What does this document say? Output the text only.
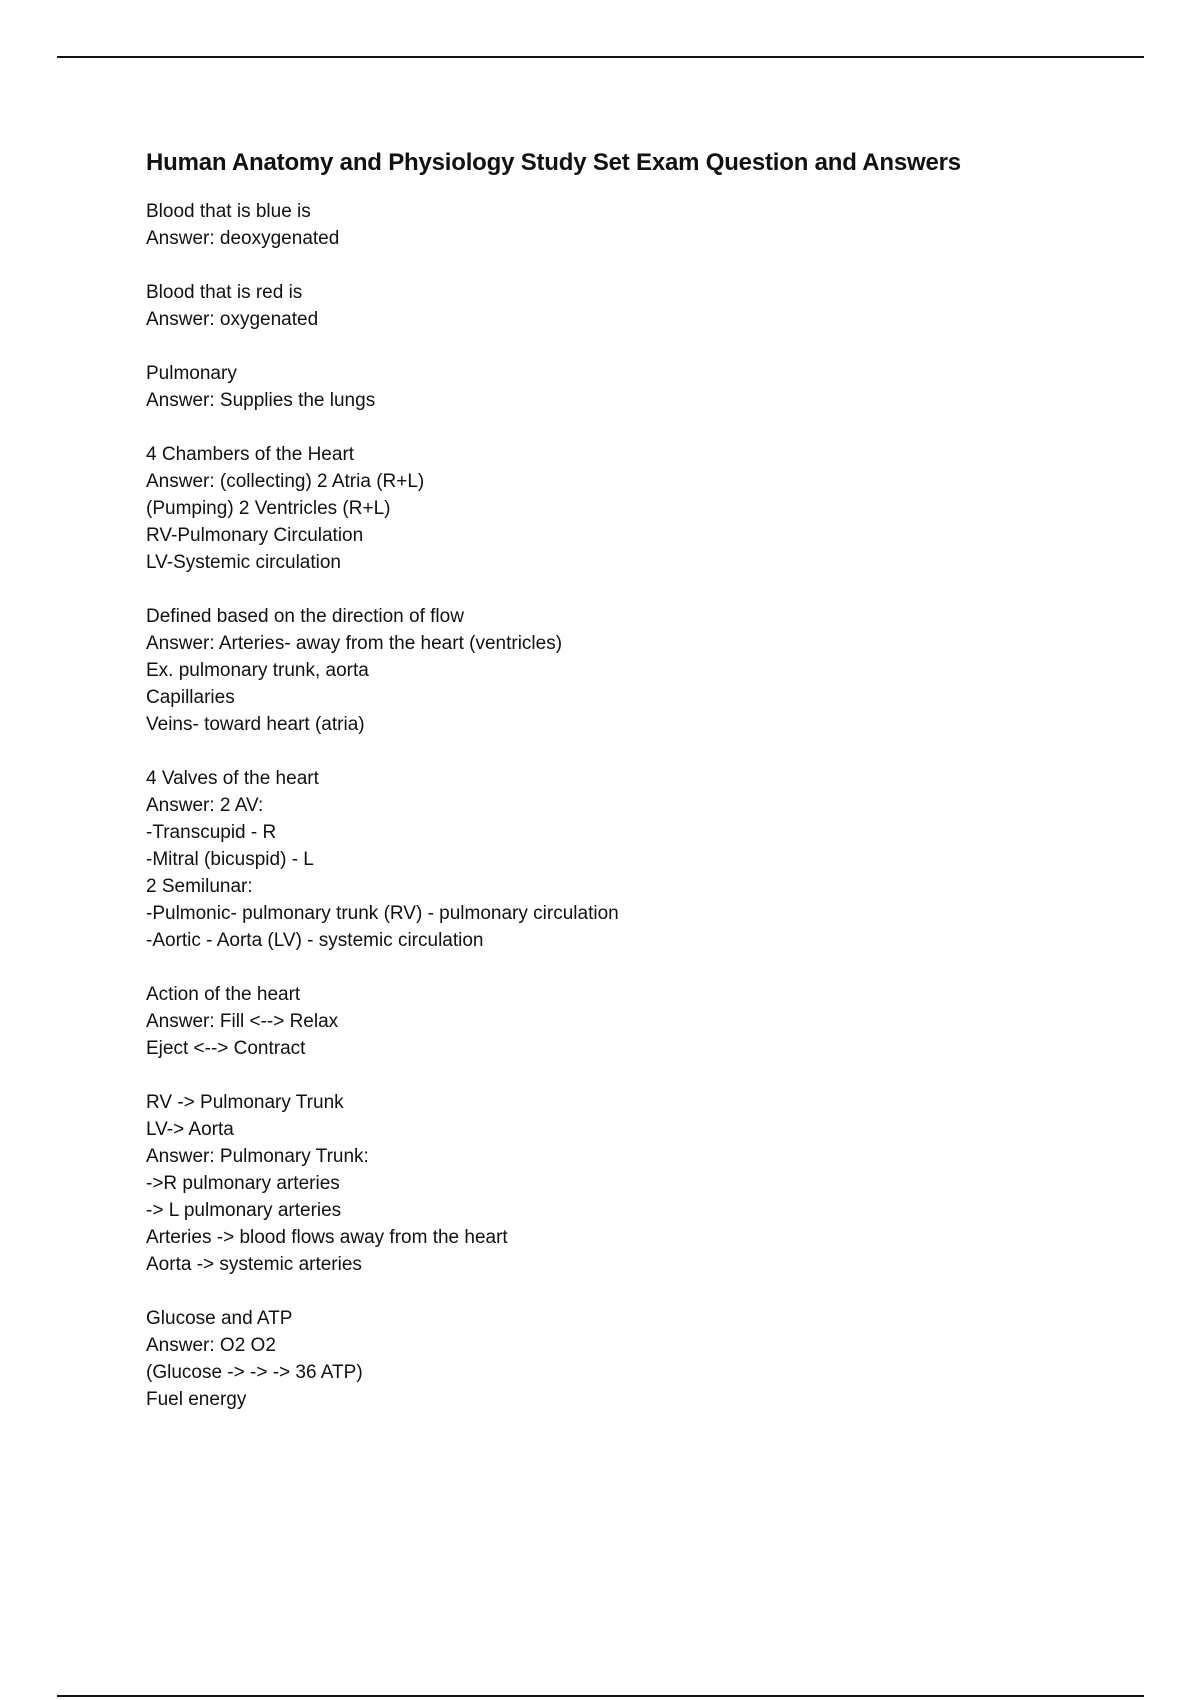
Human Anatomy and Physiology Study Set Exam Question and Answers

Blood that is blue is

Answer: deoxygenated

Blood that is red is

Answer: oxygenated

Pulmonary

Answer: Supplies the lungs

4 Chambers of the Heart

Answer: (collecting) 2 Atria (R+L)

(Pumping) 2 Ventricles (R+L)

RV-Pulmonary Circulation

LV-Systemic circulation

Defined based on the direction of flow

Answer: Arteries- away from the heart (ventricles)

Ex. pulmonary trunk, aorta

Capillaries

Veins- toward heart (atria)

4 Valves of the heart

Answer: 2 AV:

-Transcupid - R

-Mitral (bicuspid) - L

2 Semilunar:

-Pulmonic- pulmonary trunk (RV) - pulmonary circulation

-Aortic - Aorta (LV) - systemic circulation

Action of the heart

Answer: Fill <--> Relax

Eject <--> Contract

RV -> Pulmonary Trunk

LV-> Aorta

Answer: Pulmonary Trunk:

->R pulmonary arteries

-> L pulmonary arteries

Arteries -> blood flows away from the heart

Aorta -> systemic arteries

Glucose and ATP

Answer: O2 O2

(Glucose -> -> -> 36 ATP)

Fuel energy
